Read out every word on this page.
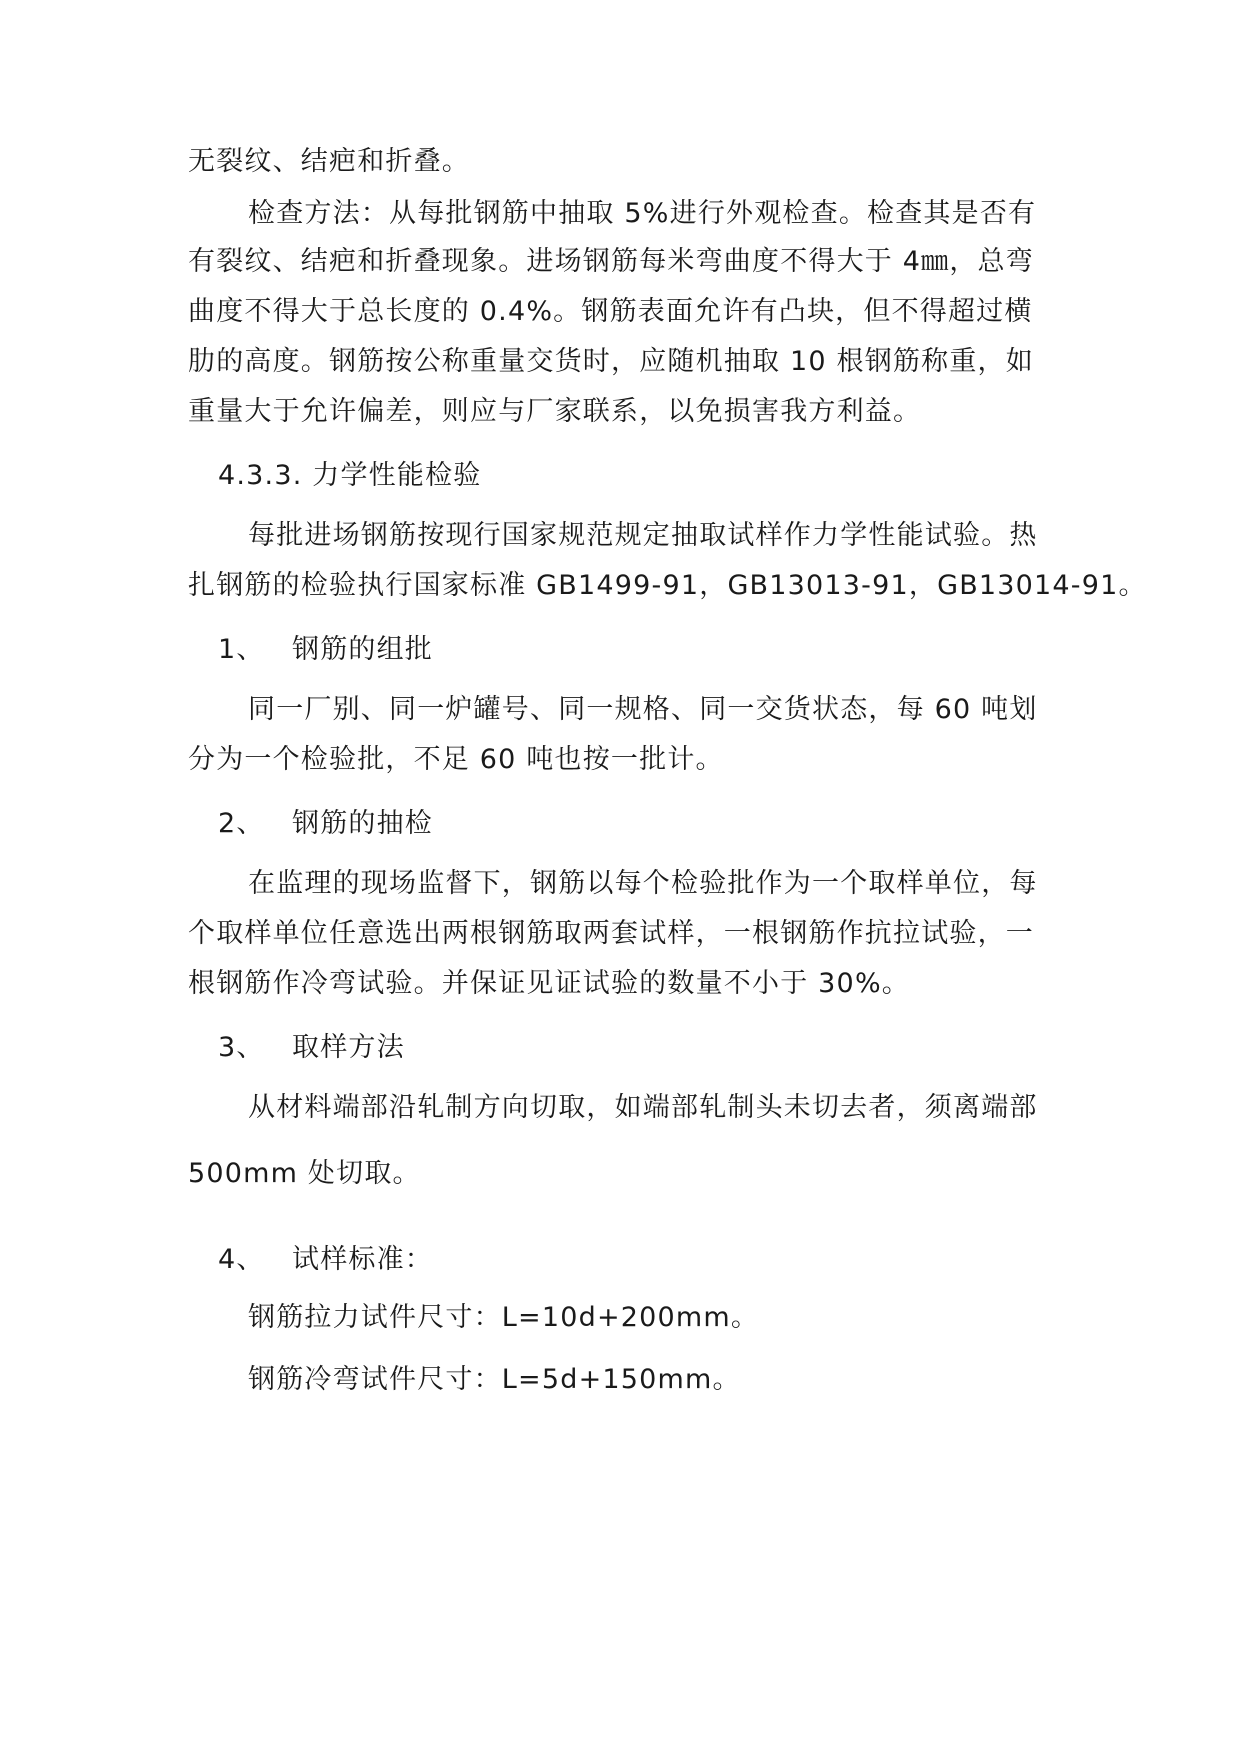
无裂纹、结疤和折叠。
检查方法：从每批钢筋中抽取 5%进行外观检查。检查其是否有
有裂纹、结疤和折叠现象。进场钢筋每米弯曲度不得大于 4㎜，总弯
曲度不得大于总长度的 0.4%。钢筋表面允许有凸块，但不得超过横
肋的高度。钢筋按公称重量交货时，应随机抽取 10 根钢筋称重，如
重量大于允许偏差，则应与厂家联系，以免损害我方利益。
4.3.3. 力学性能检验
每批进场钢筋按现行国家规范规定抽取试样作力学性能试验。热
扎钢筋的检验执行国家标准 GB1499-91，GB13013-91，GB13014-91。
1、 钢筋的组批
同一厂别、同一炉罐号、同一规格、同一交货状态，每 60 吨划
分为一个检验批，不足 60 吨也按一批计。
2、 钢筋的抽检
在监理的现场监督下，钢筋以每个检验批作为一个取样单位，每
个取样单位任意选出两根钢筋取两套试样，一根钢筋作抗拉试验，一
根钢筋作冷弯试验。并保证见证试验的数量不小于 30%。
3、 取样方法
从材料端部沿轧制方向切取，如端部轧制头未切去者，须离端部
500mm 处切取。
4、 试样标准：
钢筋拉力试件尺寸：L=10d+200mm。
钢筋冷弯试件尺寸：L=5d+150mm。
